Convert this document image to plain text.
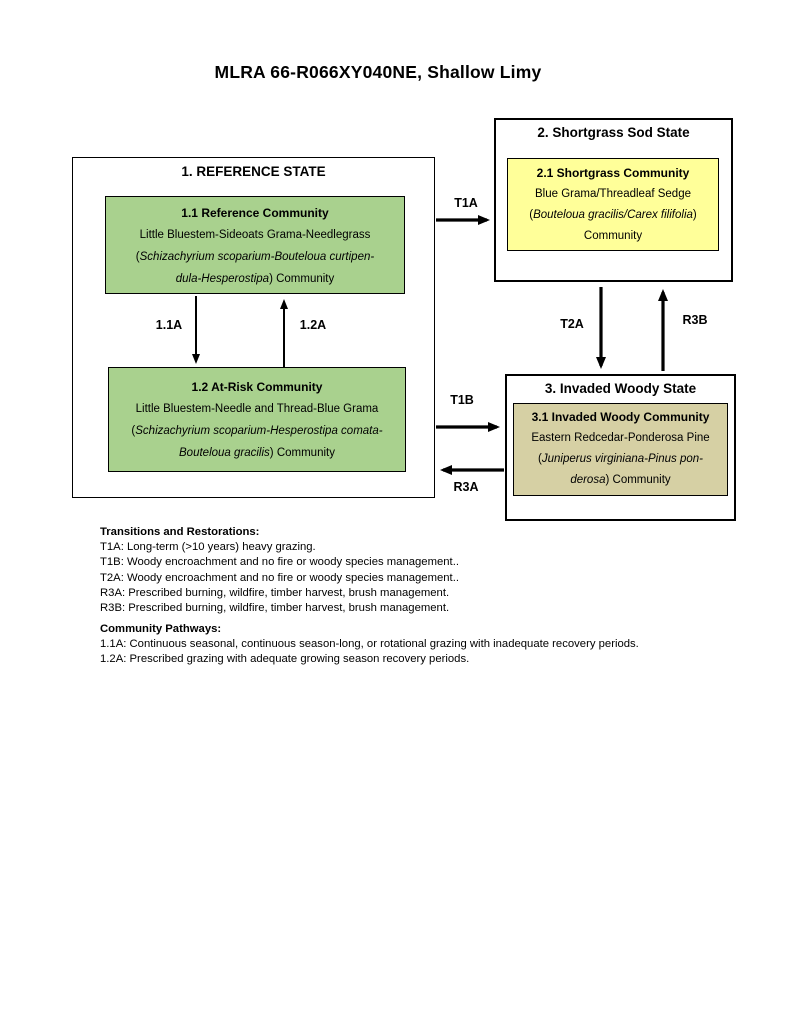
MLRA 66-R066XY040NE, Shallow Limy
1. REFERENCE STATE
1.1 Reference Community
Little Bluestem-Sideoats Grama-Needlegrass
(Schizachyrium scoparium-Bouteloua curtipen-
dula-Hesperostipa) Community
1.2 At-Risk Community
Little Bluestem-Needle and Thread-Blue Grama
(Schizachyrium scoparium-Hesperostipa comata-
Bouteloua gracilis) Community
2. Shortgrass Sod State
2.1 Shortgrass Community
Blue Grama/Threadleaf Sedge
(Bouteloua gracilis/Carex filifolia)
Community
3. Invaded Woody State
3.1 Invaded Woody Community
Eastern Redcedar-Ponderosa Pine
(Juniperus virginiana-Pinus pon-
derosa) Community
T1A
T1B
R3A
T2A	R3B
1.1A	1.2A
Transitions and Restorations:
T1A: Long-term (>10 years) heavy grazing.
T1B: Woody encroachment and no fire or woody species management..
T2A: Woody encroachment and no fire or woody species management..
R3A: Prescribed burning, wildfire, timber harvest, brush management.
R3B: Prescribed burning, wildfire, timber harvest, brush management.
Community Pathways:
1.1A: Continuous seasonal, continuous season-long, or rotational grazing with inadequate recovery periods.
1.2A: Prescribed grazing with adequate growing season recovery periods.
